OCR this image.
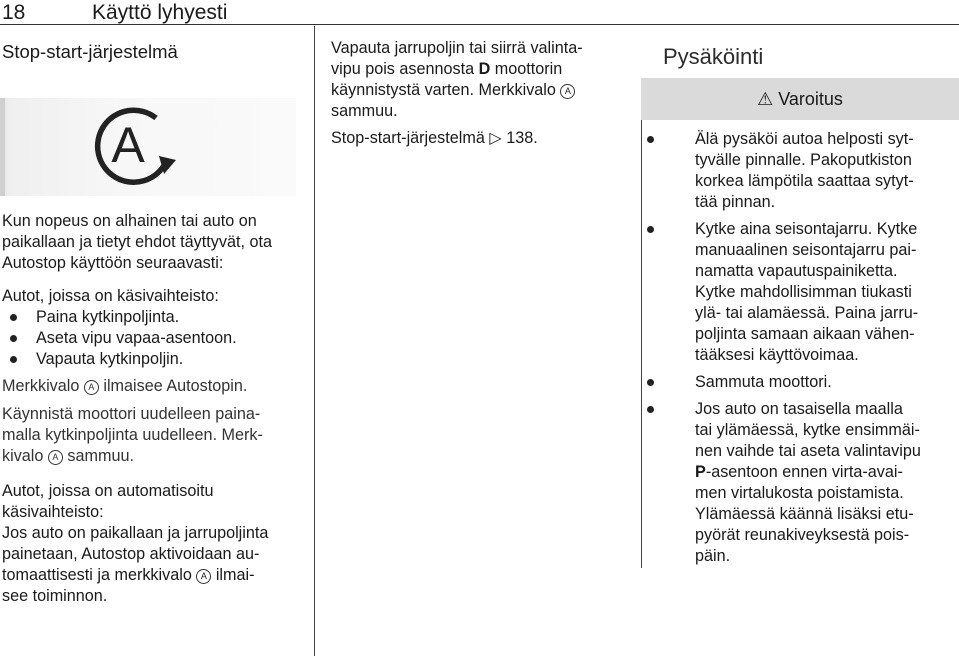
18	Käyttö lyhyesti

Stop-start-järjestelmä

A

Kun nopeus on alhainen tai auto on paikallaan ja tietyt ehdot täyttyvät, ota Autostop käyttöön seuraavasti:

Autot, joissa on käsivaihteisto:

Paina kytkinpoljinta.
Aseta vipu vapaa-asentoon.
Vapauta kytkinpoljin.

Merkkivalo A ilmaisee Autostopin.

Käynnistä moottori uudelleen paina-
malla kytkinpoljinta uudelleen. Merk-
kivalo A sammuu.

Autot, joissa on automatisoitu
käsivaihteisto:

Jos auto on paikallaan ja jarrupoljinta
painetaan, Autostop aktivoidaan au-
tomaattisesti ja merkkivalo A ilmai-
see toiminnon.

Vapauta jarrupoljin tai siirrä valinta-
vipu pois asennosta D moottorin
käynnistystä varten. Merkkivalo A
sammuu.

Stop-start-järjestelmä ▷ 138.

Pysäköinti
⚠ Varoitus
Älä pysäköi autoa helposti syt-
tyvälle pinnalle. Pakoputkiston
korkea lämpötila saattaa sytyt-
tää pinnan.
Kytke aina seisontajarru. Kytke
manuaalinen seisontajarru pai-
namatta vapautuspainiketta.
Kytke mahdollisimman tiukasti
ylä- tai alamäessä. Paina jarru-
poljinta samaan aikaan vähen-
tääksesi käyttövoimaa.
Sammuta moottori.
Jos auto on tasaisella maalla
tai ylämäessä, kytke ensimmäi-
nen vaihde tai aseta valintavipu
P-asentoon ennen virta-avai-
men virtalukosta poistamista.
Ylämäessä käännä lisäksi etu-
pyörät reunakiveyksestä pois-
päin.
